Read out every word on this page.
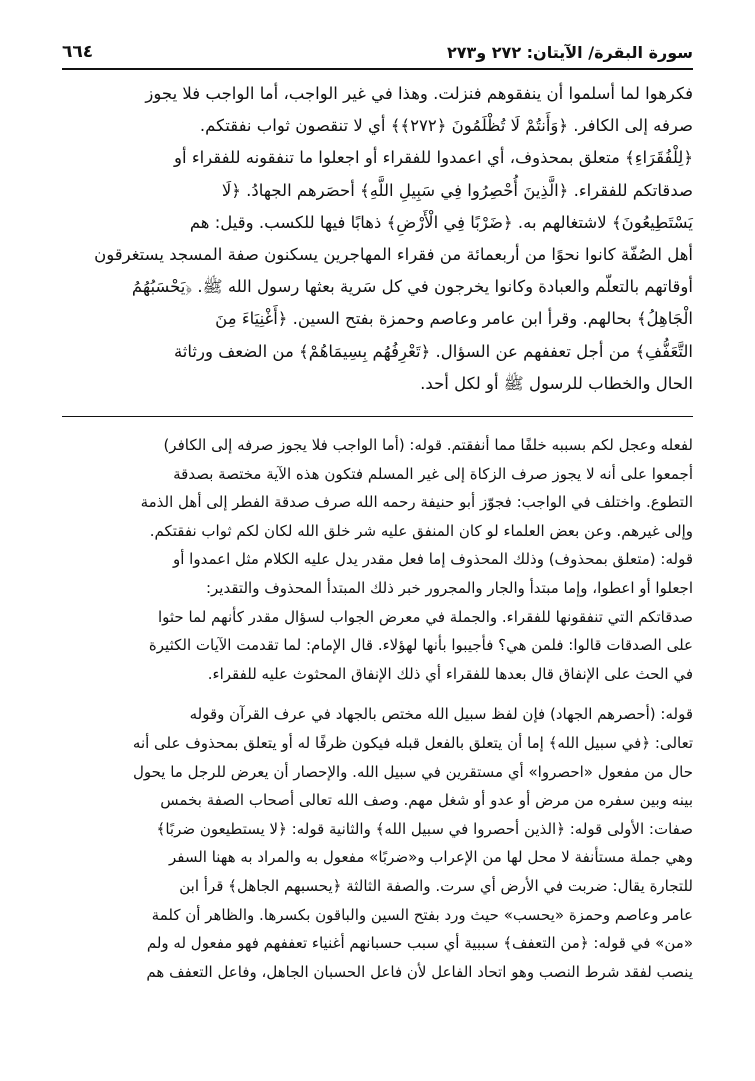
سورة البقرة/ الآيتان: ٢٧٢ و٢٧٣
٦٦٤

فكرهوا لما أسلموا أن ينفقوهم فنزلت. وهذا في غير الواجب، أما الواجب فلا يجوز

صرفه إلى الكافر. ﴿وَأَنتُمْ لَا تُظْلَمُونَ ﴿٢٧٢﴾﴾ أي لا تنقصون ثواب نفقتكم.

﴿لِلْفُقَرَاءِ﴾ متعلق بمحذوف، أي اعمدوا للفقراء أو اجعلوا ما تنفقونه للفقراء أو

صدقاتكم للفقراء. ﴿الَّذِينَ أُحْصِرُوا فِي سَبِيلِ اللَّهِ﴾ أحصَرهم الجهادُ. ﴿لَا

يَسْتَطِيعُونَ﴾ لاشتغالهم به. ﴿ضَرْبًا فِي الْأَرْضِ﴾ ذهابًا فيها للكسب. وقيل: هم

أهل الصُفّة كانوا نحوًا من أربعمائة من فقراء المهاجرين يسكنون صفة المسجد يستغرقون

أوقاتهم بالتعلّم والعبادة وكانوا يخرجون في كل سَرية بعثها رسول الله ﷺ. ﴿يَحْسَبُهُمُ

الْجَاهِلُ﴾ بحالهم. وقرأ ابن عامر وعاصم وحمزة بفتح السين. ﴿أَغْنِيَاءَ مِنَ

التَّعَفُّفِ﴾ من أجل تعففهم عن السؤال. ﴿تَعْرِفُهُم بِسِيمَاهُمْ﴾ من الضعف ورثاثة

الحال والخطاب للرسول ﷺ أو لكل أحد.

لفعله وعجل لكم بسببه خلفًا مما أنفقتم. قوله: (أما الواجب فلا يجوز صرفه إلى الكافر)

أجمعوا على أنه لا يجوز صرف الزكاة إلى غير المسلم فتكون هذه الآية مختصة بصدقة

التطوع. واختلف في الواجب: فجوّز أبو حنيفة رحمه الله صرف صدقة الفطر إلى أهل الذمة

وإلى غيرهم. وعن بعض العلماء لو كان المنفق عليه شر خلق الله لكان لكم ثواب نفقتكم.

قوله: (متعلق بمحذوف) وذلك المحذوف إما فعل مقدر يدل عليه الكلام مثل اعمدوا أو

اجعلوا أو اعطوا، وإما مبتدأ والجار والمجرور خبر ذلك المبتدأ المحذوف والتقدير:

صدقاتكم التي تنفقونها للفقراء. والجملة في معرض الجواب لسؤال مقدر كأنهم لما حثوا

على الصدقات قالوا: فلمن هي؟ فأجيبوا بأنها لهؤلاء. قال الإمام: لما تقدمت الآيات الكثيرة

في الحث على الإنفاق قال بعدها للفقراء أي ذلك الإنفاق المحثوث عليه للفقراء.

قوله: (أحصرهم الجهاد) فإن لفظ سبيل الله مختص بالجهاد في عرف القرآن وقوله

تعالى: ﴿في سبيل الله﴾ إما أن يتعلق بالفعل قبله فيكون ظرفًا له أو يتعلق بمحذوف على أنه

حال من مفعول «احصروا» أي مستقرين في سبيل الله. والإحصار أن يعرض للرجل ما يحول

بينه وبين سفره من مرض أو عدو أو شغل مهم. وصف الله تعالى أصحاب الصفة بخمس

صفات: الأولى قوله: ﴿الذين أحصروا في سبيل الله﴾ والثانية قوله: ﴿لا يستطيعون ضربًا﴾

وهي جملة مستأنفة لا محل لها من الإعراب و«ضربًا» مفعول به والمراد به ههنا السفر

للتجارة يقال: ضربت في الأرض أي سرت. والصفة الثالثة ﴿يحسبهم الجاهل﴾ قرأ ابن

عامر وعاصم وحمزة «يحسب» حيث ورد بفتح السين والباقون بكسرها. والظاهر أن كلمة

«من» في قوله: ﴿من التعفف﴾ سببية أي سبب حسبانهم أغنياء تعففهم فهو مفعول له ولم

ينصب لفقد شرط النصب وهو اتحاد الفاعل لأن فاعل الحسبان الجاهل، وفاعل التعفف هم
